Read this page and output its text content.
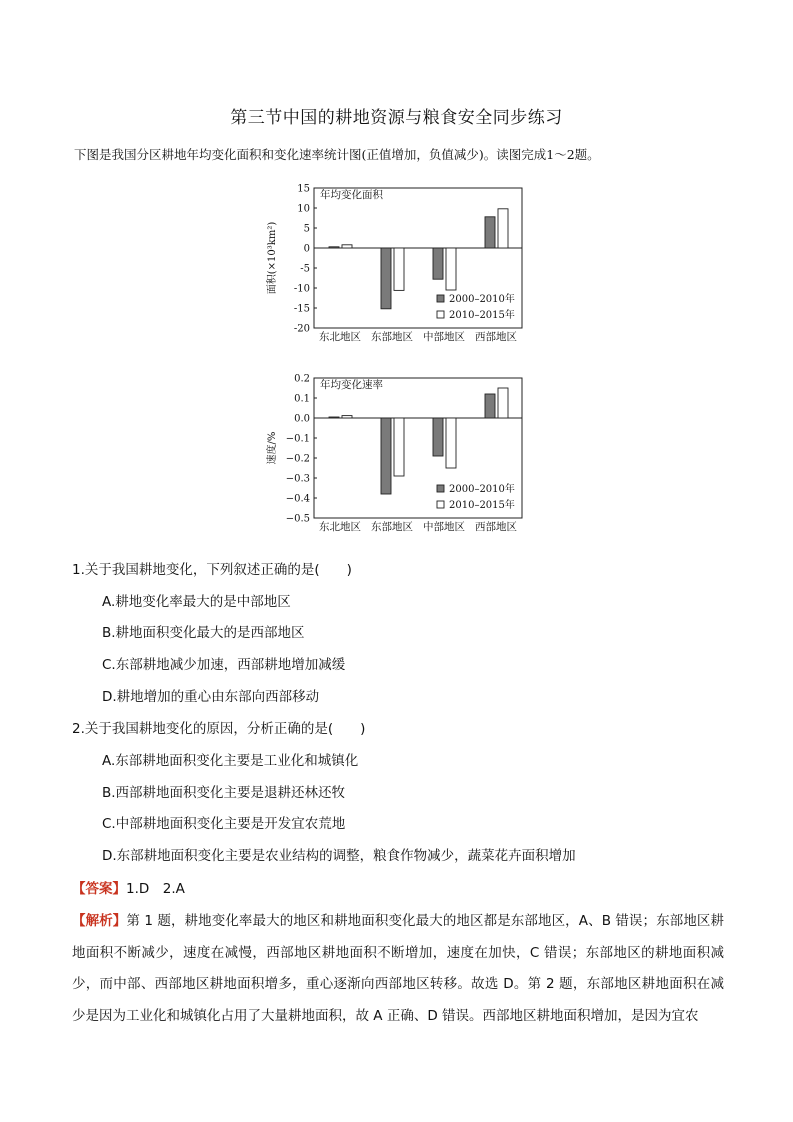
第三节中国的耕地资源与粮食安全同步练习
下图是我国分区耕地年均变化面积和变化速率统计图(正值增加，负值减少)。读图完成1～2题。
15
10
5
0
-5
-10
-15
-20
年均变化面积
面积(×10³km²)
东北地区 东部地区 中部地区 西部地区
2000–2010年
2010–2015年
0.2
0.1
0.0
−0.1
−0.2
−0.3
−0.4
−0.5
年均变化速率
速度/%
东北地区 东部地区 中部地区 西部地区
2000–2010年
2010–2015年
1.关于我国耕地变化，下列叙述正确的是(　　)
A.耕地变化率最大的是中部地区
B.耕地面积变化最大的是西部地区
C.东部耕地减少加速，西部耕地增加减缓
D.耕地增加的重心由东部向西部移动
2.关于我国耕地变化的原因，分析正确的是(　　)
A.东部耕地面积变化主要是工业化和城镇化
B.西部耕地面积变化主要是退耕还林还牧
C.中部耕地面积变化主要是开发宜农荒地
D.东部耕地面积变化主要是农业结构的调整，粮食作物减少，蔬菜花卉面积增加
【答案】1.D　2.A
【解析】第 1 题，耕地变化率最大的地区和耕地面积变化最大的地区都是东部地区，A、B 错误；东部地区耕地面积不断减少，速度在减慢，西部地区耕地面积不断增加，速度在加快，C 错误；东部地区的耕地面积减少，而中部、西部地区耕地面积增多，重心逐渐向西部地区转移。故选 D。第 2 题，东部地区耕地面积在减少是因为工业化和城镇化占用了大量耕地面积，故 A 正确、D 错误。西部地区耕地面积增加，是因为宜农
